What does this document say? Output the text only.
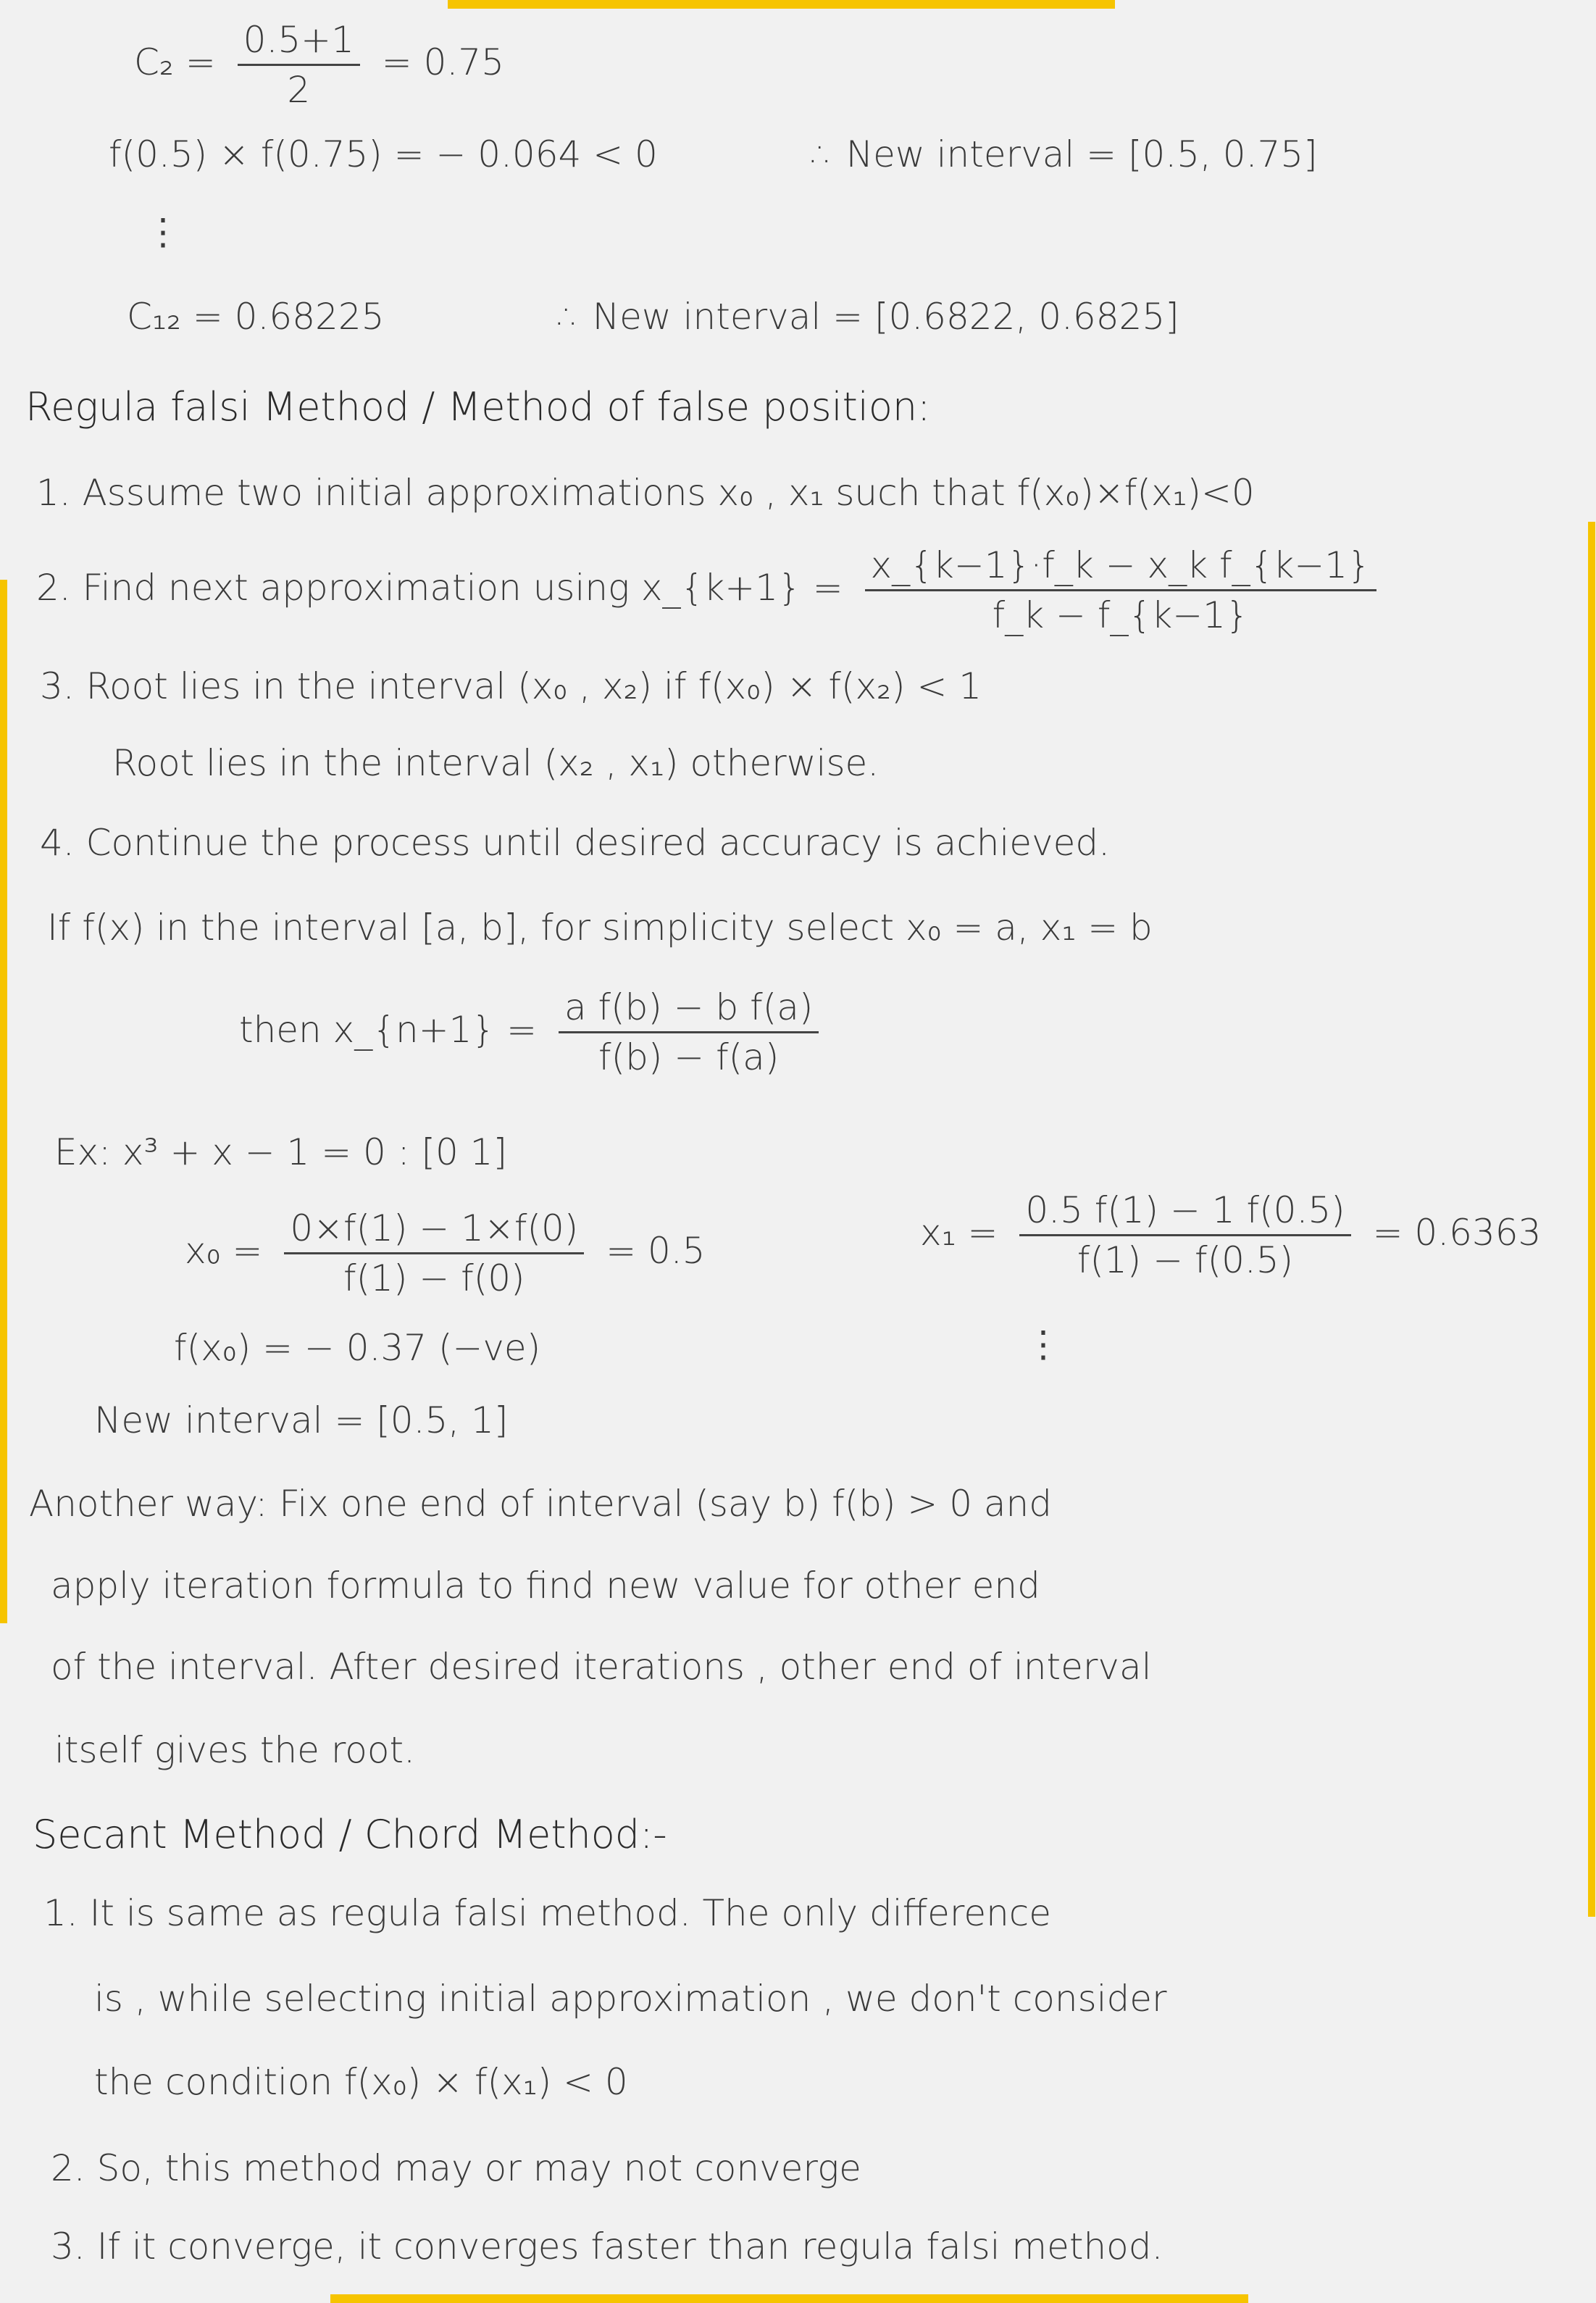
$C_2 = \frac{0.5+1}{2} = 0.75$
f(0.5) × f(0.75) = − 0.064 < 0	∴ New interval = [0.5, 0.75]
⋮
C₁₂ = 0.68225	∴ New interval = [0.6822, 0.6825]
Regula falsi Method / Method of false position:
1. Assume two initial approximations x₀ , x₁ such that f(x₀)×f(x₁)<0
2. Find next approximation using x_{k+1} = $\frac{\text{x\_\{k−1\}·f\_k − x\_k f\_\{k−1\}}}{f\_k - f\_\{k-1\}}$
3. Root lies in the interval (x₀ , x₂) if f(x₀) × f(x₂) < 1
Root lies in the interval (x₂ , x₁) otherwise.
4. Continue the process until desired accuracy is achieved.
If f(x) in the interval [a, b], for simplicity select x₀ = a, x₁ = b
then x_{n+1} = $\frac{\text{a f(b) − b f(a)}}{f(b) - f(a)}$
Ex: x³ + x − 1 = 0 : [0 1]
$x_0 = \frac{0\times f(1) - 1\times f(0)}{f(1) - f(0)} = 0.5$	$x_1 = \frac{0.5 f(1) - 1 f(0.5)}{f(1) - f(0.5)} = 0.6363$
⋮
f(x₀) = − 0.37 (−ve)
New interval = [0.5, 1]
Another way: Fix one end of interval (say b) f(b) > 0 and
apply iteration formula to find new value for other end
of the interval. After desired iterations , other end of interval
itself gives the root.
Secant Method / Chord Method:-
1. It is same as regula falsi method. The only difference
is , while selecting initial approximation , we don't consider
the condition f(x₀) × f(x₁) < 0
2. So, this method may or may not converge
3. If it converge, it converges faster than regula falsi method.
